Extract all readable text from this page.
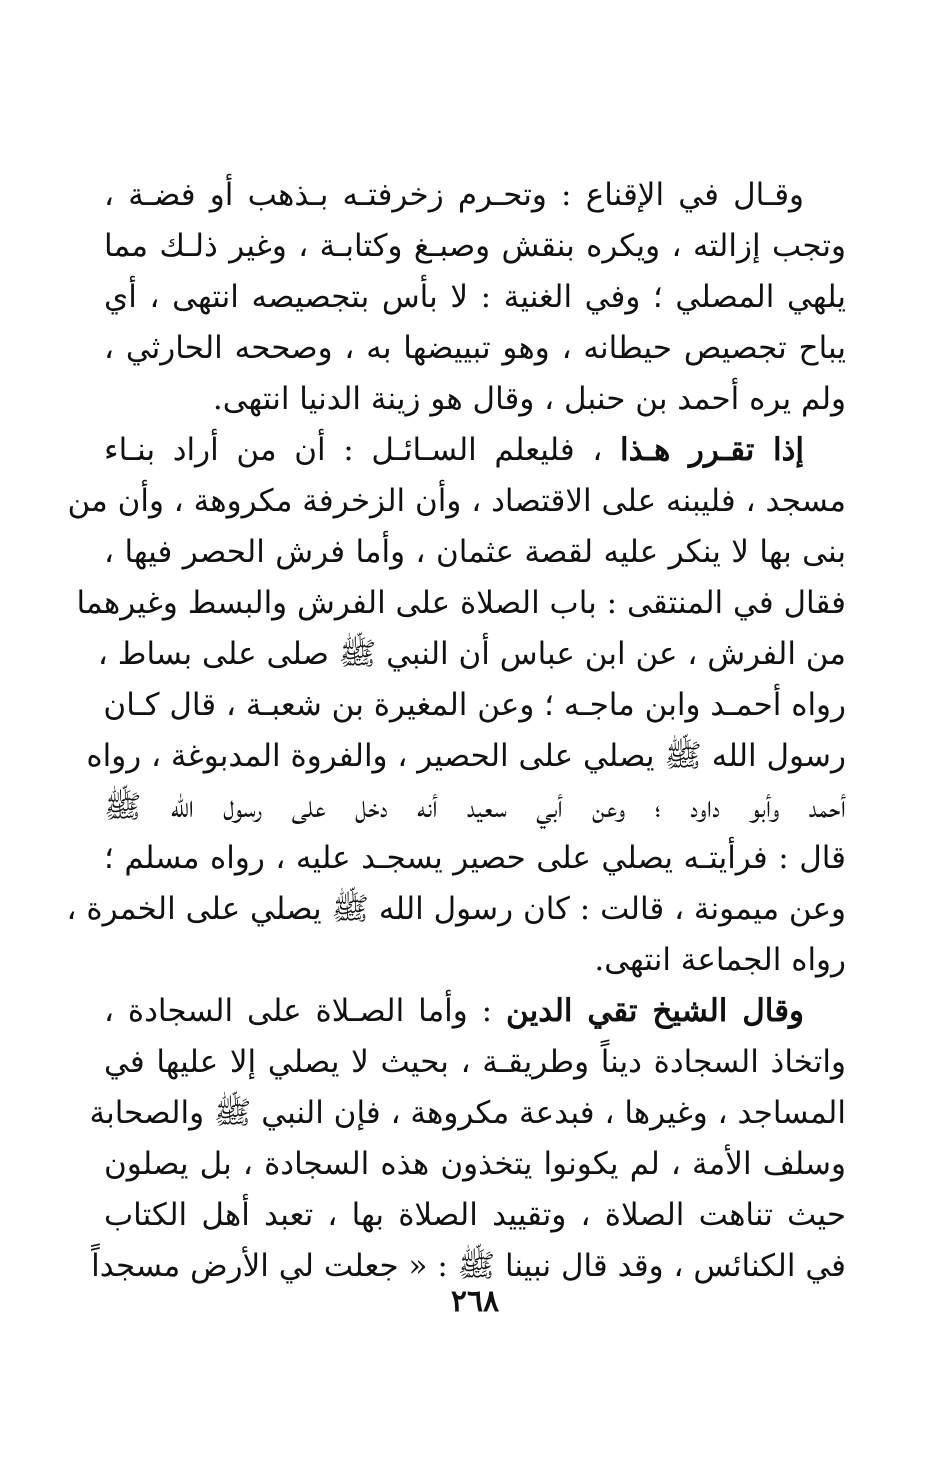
وقـال في الإقناع : وتحـرم زخرفتـه بـذهب أو فضـة ،
وتجب إزالته ، ويكره بنقش وصبـغ وكتابـة ، وغير ذلـك مما
يلهي المصلي ؛ وفي الغنية : لا بأس بتجصيصه انتهى ، أي
يباح تجصيص حيطانه ، وهو تبييضها به ، وصححه الحارثي ،
ولم يره أحمد بن حنبل ، وقال هو زينة الدنيا انتهى.
إذا تقـرر هـذا ، فليعلم السـائـل : أن من أراد بنـاء
مسجد ، فليبنه على الاقتصاد ، وأن الزخرفة مكروهة ، وأن من
بنى بها لا ينكر عليه لقصة عثمان ، وأما فرش الحصر فيها ،
فقال في المنتقى : باب الصلاة على الفرش والبسط وغيرهما
من الفرش ، عن ابن عباس أن النبي ﷺ صلى على بساط ،
رواه أحمـد وابن ماجـه ؛ وعن المغيرة بن شعبـة ، قال كـان
رسول الله ﷺ يصلي على الحصير ، والفروة المدبوغة ، رواه
أحمد وأبو داود ؛ وعن أبي سعيد أنه دخل على رسول الله ﷺ
قال : فرأيتـه يصلي على حصير يسجـد عليه ، رواه مسلم ؛
وعن ميمونة ، قالت : كان رسول الله ﷺ يصلي على الخمرة ،
رواه الجماعة انتهى.
وقال الشيخ تقي الدين : وأما الصـلاة على السجادة ،
واتخاذ السجادة ديناً وطريقـة ، بحيث لا يصلي إلا عليها في
المساجد ، وغيرها ، فبدعة مكروهة ، فإن النبي ﷺ والصحابة
وسلف الأمة ، لم يكونوا يتخذون هذه السجادة ، بل يصلون
حيث تناهت الصلاة ، وتقييد الصلاة بها ، تعبد أهل الكتاب
في الكنائس ، وقد قال نبينا ﷺ : « جعلت لي الأرض مسجداً
٢٦٨
